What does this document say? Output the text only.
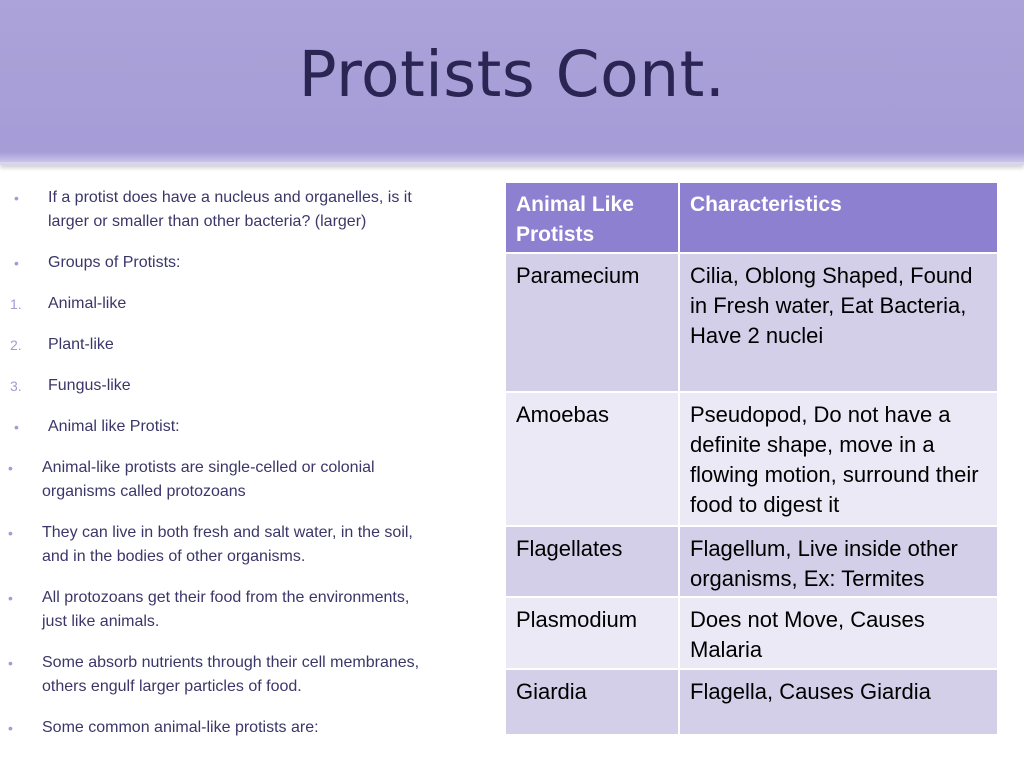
Protists Cont.
• If a protist does have a nucleus and organelles, is it
larger or smaller than other bacteria? (larger)
• Groups of Protists:
1. Animal-like
2. Plant-like
3. Fungus-like
• Animal like Protist:
• Animal-like protists are single-celled or colonial
organisms called protozoans
• They can live in both fresh and salt water, in the soil,
and in the bodies of other organisms.
• All protozoans get their food from the environments,
just like animals.
• Some absorb nutrients through their cell membranes,
others engulf larger particles of food.
• Some common animal-like protists are:
Animal Like Protists	Characteristics
Paramecium	Cilia, Oblong Shaped, Found in Fresh water, Eat Bacteria, Have 2 nuclei
Amoebas	Pseudopod, Do not have a definite shape, move in a flowing motion, surround their food to digest it
Flagellates	Flagellum, Live inside other organisms, Ex: Termites
Plasmodium	Does not Move, Causes Malaria
Giardia	Flagella, Causes Giardia
